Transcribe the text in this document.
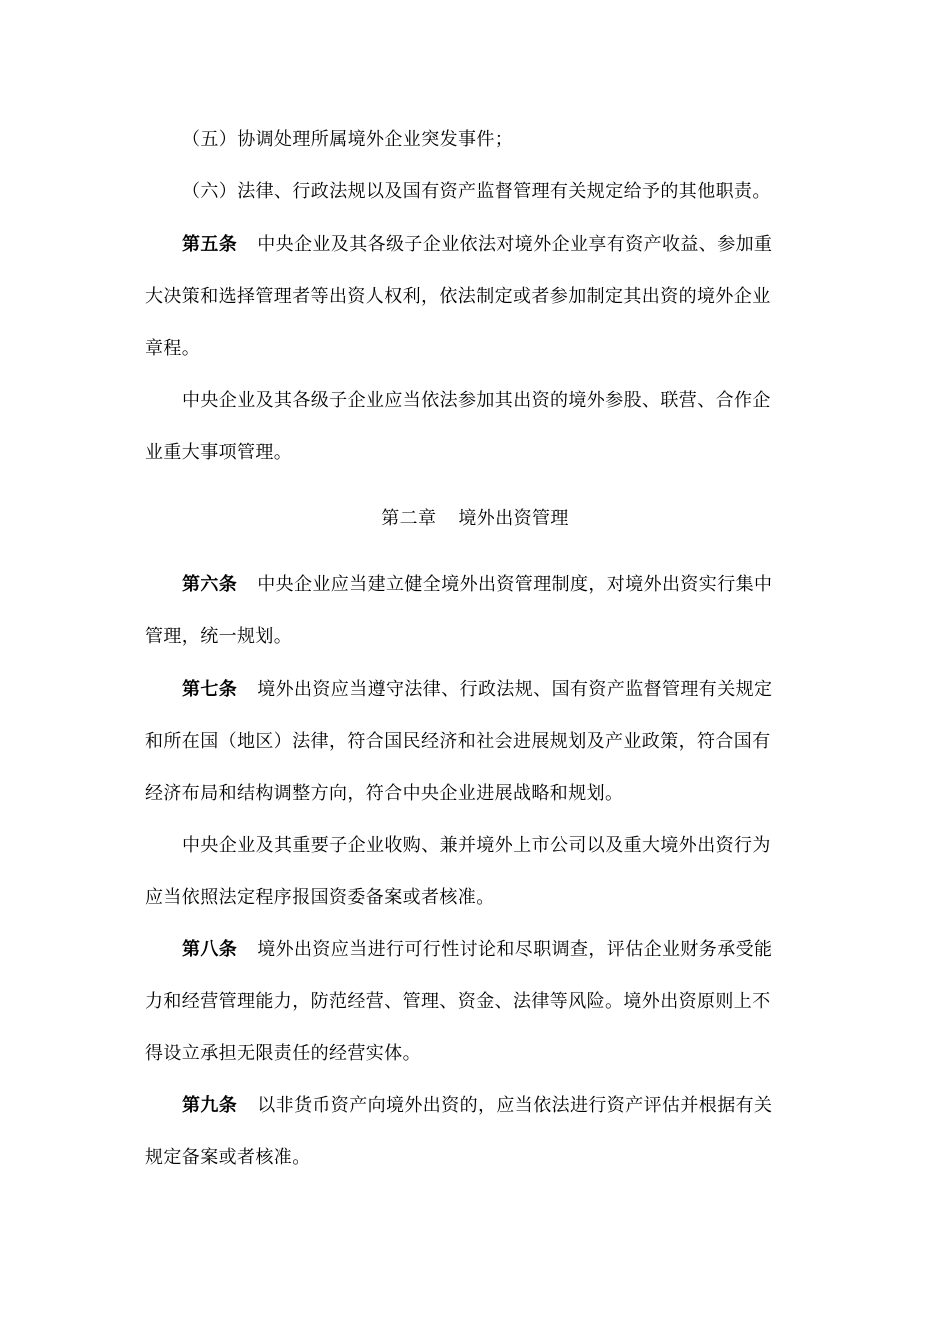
（五）协调处理所属境外企业突发事件；
（六）法律、行政法规以及国有资产监督管理有关规定给予的其他职责。
第五条 中央企业及其各级子企业依法对境外企业享有资产收益、参加重
大决策和选择管理者等出资人权利，依法制定或者参加制定其出资的境外企业
章程。
中央企业及其各级子企业应当依法参加其出资的境外参股、联营、合作企
业重大事项管理。
第二章 境外出资管理
第六条 中央企业应当建立健全境外出资管理制度，对境外出资实行集中
管理，统一规划。
第七条 境外出资应当遵守法律、行政法规、国有资产监督管理有关规定
和所在国（地区）法律，符合国民经济和社会进展规划及产业政策，符合国有
经济布局和结构调整方向，符合中央企业进展战略和规划。
中央企业及其重要子企业收购、兼并境外上市公司以及重大境外出资行为
应当依照法定程序报国资委备案或者核准。
第八条 境外出资应当进行可行性讨论和尽职调查，评估企业财务承受能
力和经营管理能力，防范经营、管理、资金、法律等风险。境外出资原则上不
得设立承担无限责任的经营实体。
第九条 以非货币资产向境外出资的，应当依法进行资产评估并根据有关
规定备案或者核准。
